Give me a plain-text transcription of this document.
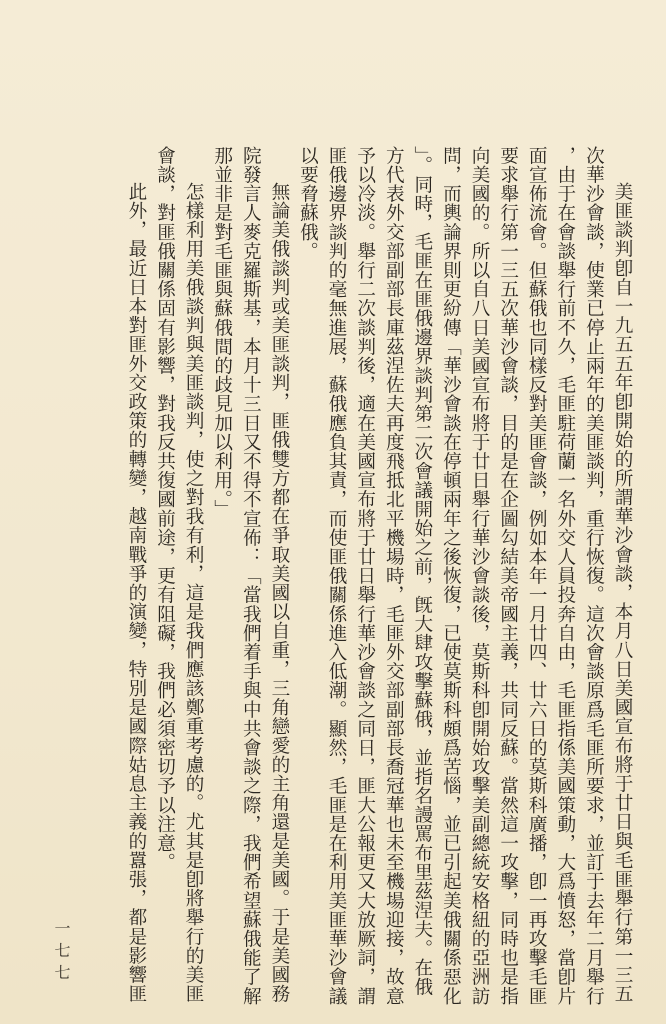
美匪談判卽自一九五五年卽開始的所謂華沙會談，本月八日美國宣布將于廿日與毛匪舉行第一三五
次華沙會談，使業已停止兩年的美匪談判，重行恢復。這次會談原爲毛匪所要求，並訂于去年二月舉行
，由于在會談舉行前不久，毛匪駐荷蘭一名外交人員投奔自由，毛匪指係美國策動，大爲憤怒，當卽片
面宣佈流會。但蘇俄也同樣反對美匪會談，例如本年一月廿四、廿六日的莫斯科廣播，卽一再攻擊毛匪
要求舉行第一三五次華沙會談，目的是在企圖勾結美帝國主義，共同反蘇。當然這一攻擊，同時也是指
向美國的。所以自八日美國宣布將于廿日舉行華沙會談後，莫斯科卽開始攻擊美副總統安格紐的亞洲訪
問，而輿論界則更紛傳「華沙會談在停頓兩年之後恢復，已使莫斯科頗爲苦惱，並已引起美俄關係惡化
」。同時，毛匪在匪俄邊界談判第二次會議開始之前，旣大肆攻擊蘇俄，並指名謾罵布里茲涅夫。在俄
方代表外交部副部長庫茲涅佐夫再度飛抵北平機場時，毛匪外交部副部長喬冠華也未至機場迎接，故意
予以冷淡。舉行二次談判後，適在美國宣布將于廿日舉行華沙會談之同日，匪大公報更又大放厥詞，謂
匪俄邊界談判的毫無進展，蘇俄應負其責，而使匪俄關係進入低潮。顯然，毛匪是在利用美匪華沙會議
以要脅蘇俄。
無論美俄談判或美匪談判，匪俄雙方都在爭取美國以自重，三角戀愛的主角還是美國。于是美國務
院發言人麥克羅斯基，本月十三日又不得不宣佈：「當我們着手與中共會談之際，我們希望蘇俄能了解
那並非是對毛匪與蘇俄間的歧見加以利用。」
怎樣利用美俄談判與美匪談判，使之對我有利，這是我們應該鄭重考慮的。尤其是卽將舉行的美匪
會談，對匪俄關係固有影響，對我反共復國前途，更有阻礙，我們必須密切予以注意。
此外，最近日本對匪外交政策的轉變，越南戰爭的演變，特別是國際姑息主義的囂張，都是影響匪
一七七
